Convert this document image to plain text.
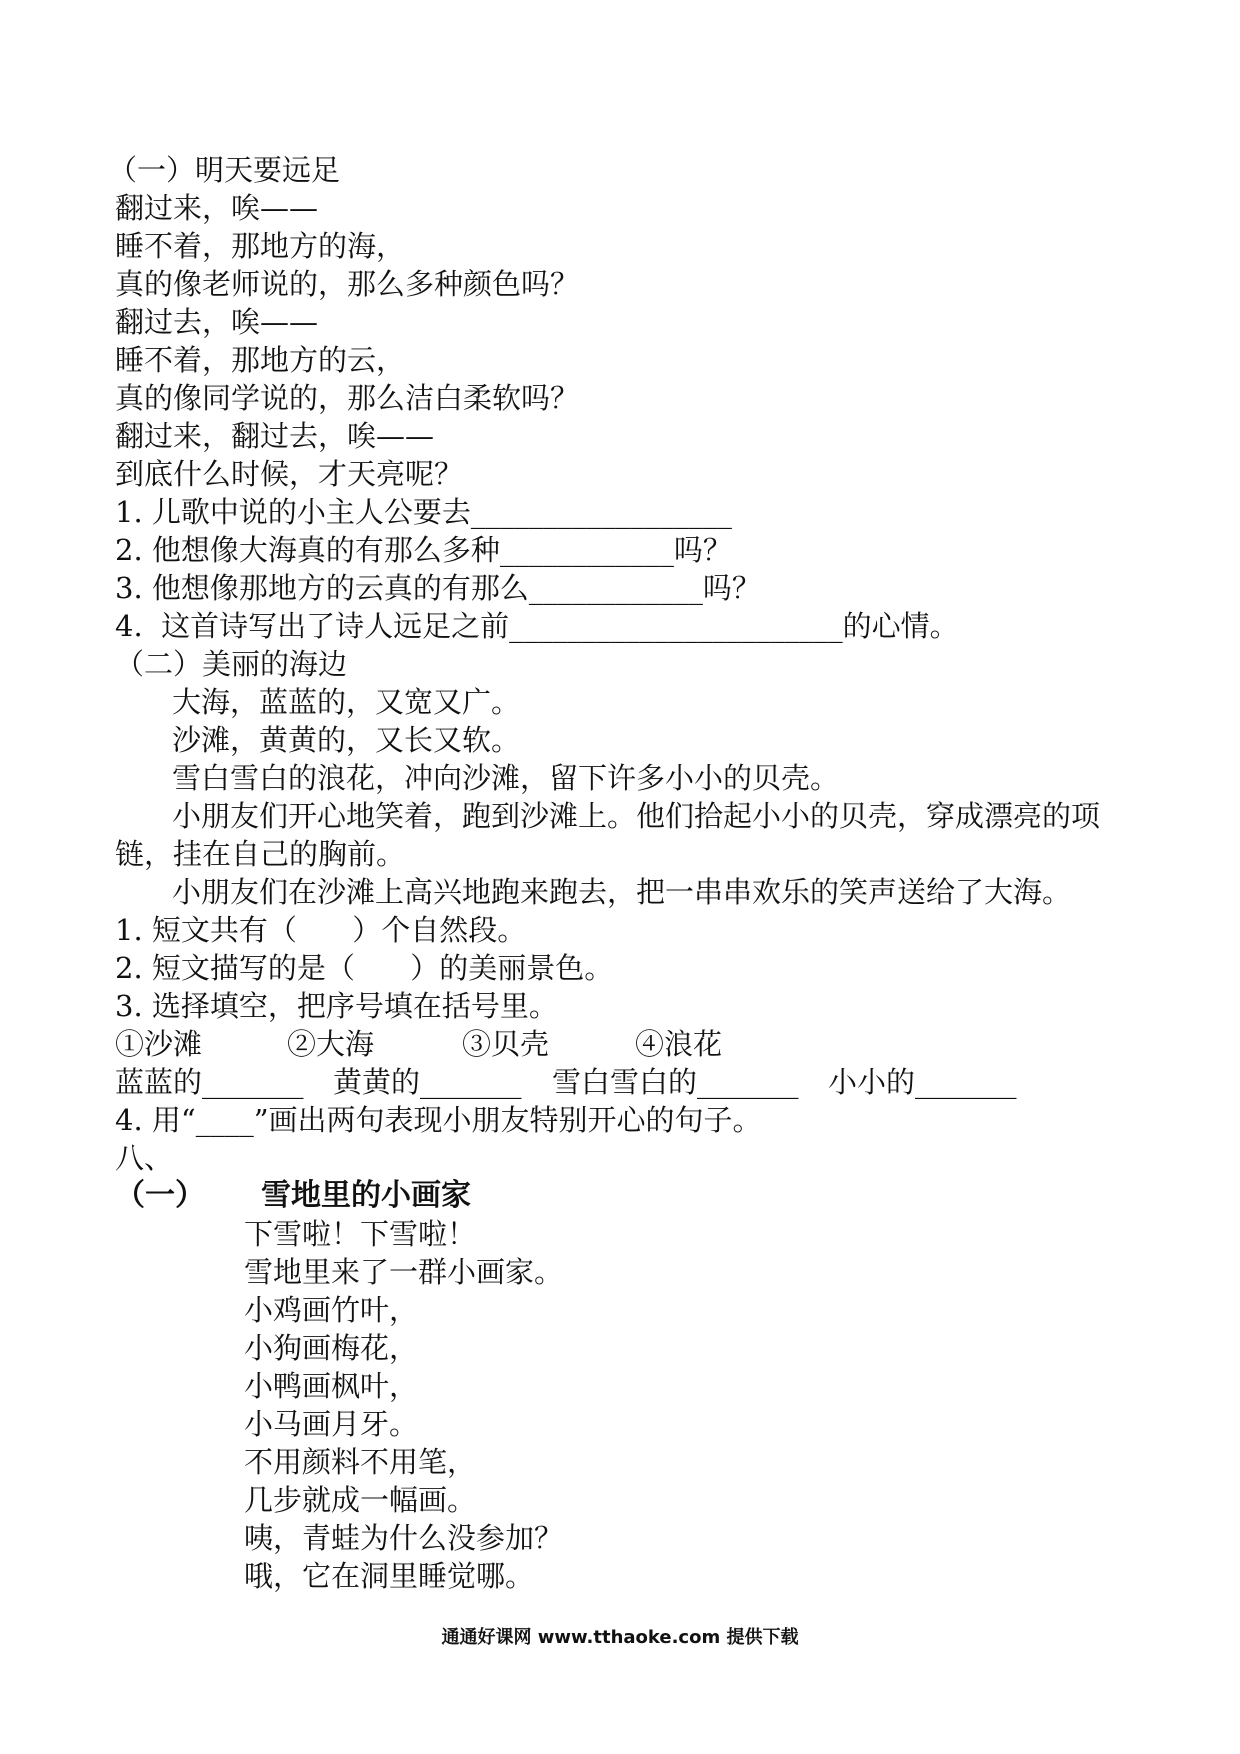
（一）明天要远足
翻过来，唉——
睡不着，那地方的海，
真的像老师说的，那么多种颜色吗？
翻过去，唉——
睡不着，那地方的云，
真的像同学说的，那么洁白柔软吗？
翻过来，翻过去，唉——
到底什么时候，才天亮呢？
1. 儿歌中说的小主人公要去__________________
2. 他想像大海真的有那么多种____________吗？
3. 他想像那地方的云真的有那么____________吗？
4.  这首诗写出了诗人远足之前_______________________的心情。
（二）美丽的海边
大海，蓝蓝的，又宽又广。
沙滩，黄黄的，又长又软。
雪白雪白的浪花，冲向沙滩，留下许多小小的贝壳。
小朋友们开心地笑着，跑到沙滩上。他们拾起小小的贝壳，穿成漂亮的项
链，挂在自己的胸前。
小朋友们在沙滩上高兴地跑来跑去，把一串串欢乐的笑声送给了大海。
1. 短文共有（      ）个自然段。
2. 短文描写的是（      ）的美丽景色。
3. 选择填空，把序号填在括号里。
①沙滩	②大海	③贝壳	④浪花
蓝蓝的_______ 黄黄的_______ 雪白雪白的_______ 小小的_______
4. 用“____”画出两句表现小朋友特别开心的句子。
八、
（一） 雪地里的小画家
下雪啦！下雪啦！
雪地里来了一群小画家。
小鸡画竹叶，
小狗画梅花，
小鸭画枫叶，
小马画月牙。
不用颜料不用笔，
几步就成一幅画。
咦，青蛙为什么没参加？
哦，它在洞里睡觉哪。
通通好课网 www.tthaoke.com 提供下载
